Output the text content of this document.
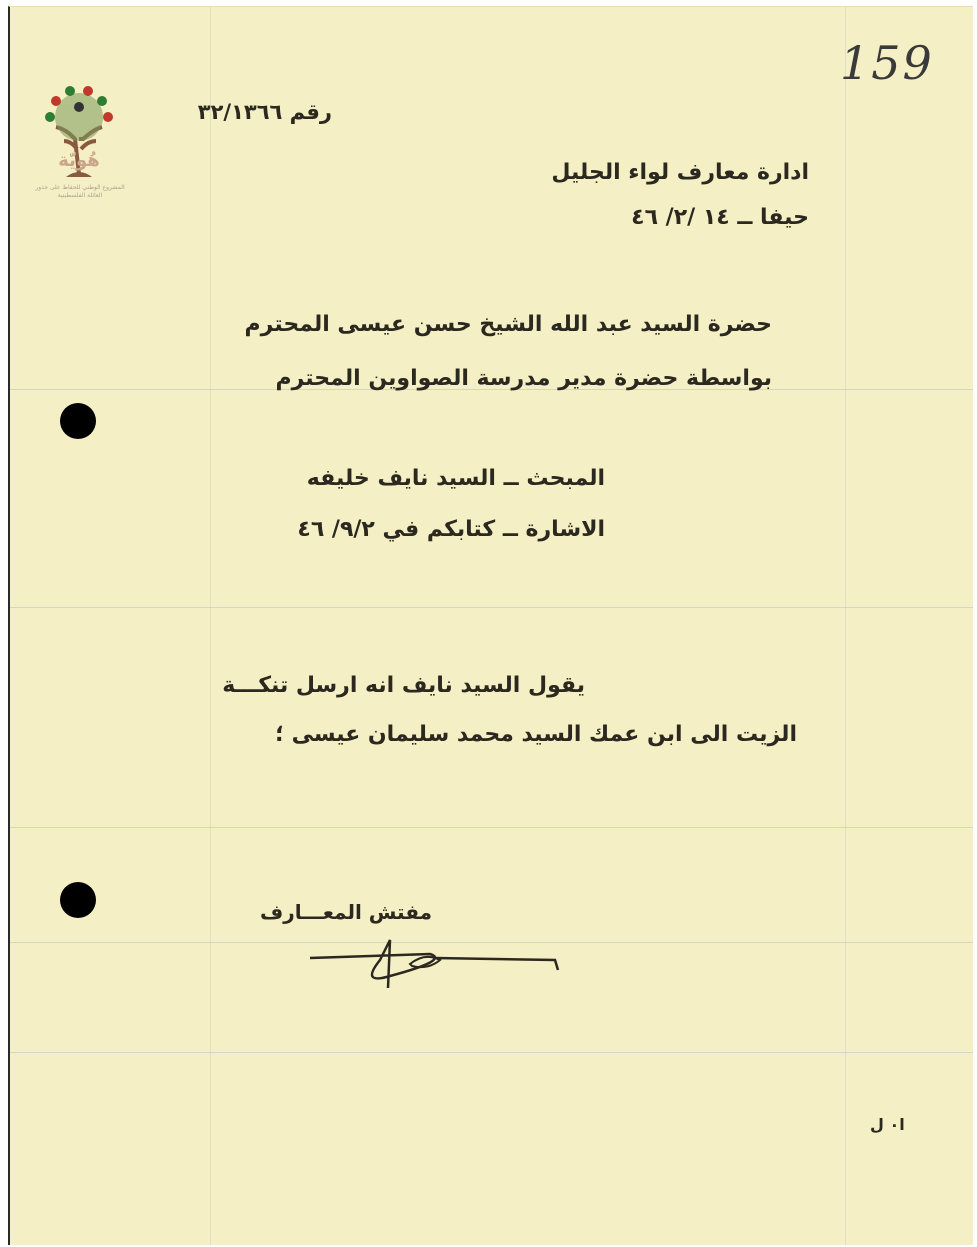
هُويّة
المشروع الوطني للحفاظ على جذور العائلة الفلسطينية
159
رقم ٣٢/١٣٦٦
ادارة معارف لواء الجليل
حيفا ــ ١٤ /٢/ ٤٦
حضرة السيد عبد الله الشيخ حسن عيسى المحترم
بواسطة حضرة مدير مدرسة الصواوين المحترم
المبحث ــ السيد نايف خليفه
الاشارة ــ كتابكم في ٩/٢/ ٤٦
يقول السيد نايف انه ارسل تنكـــة
الزيت الى ابن عمك السيد محمد سليمان عيسى ؛
مفتش المعـــارف
ا٠ ل
